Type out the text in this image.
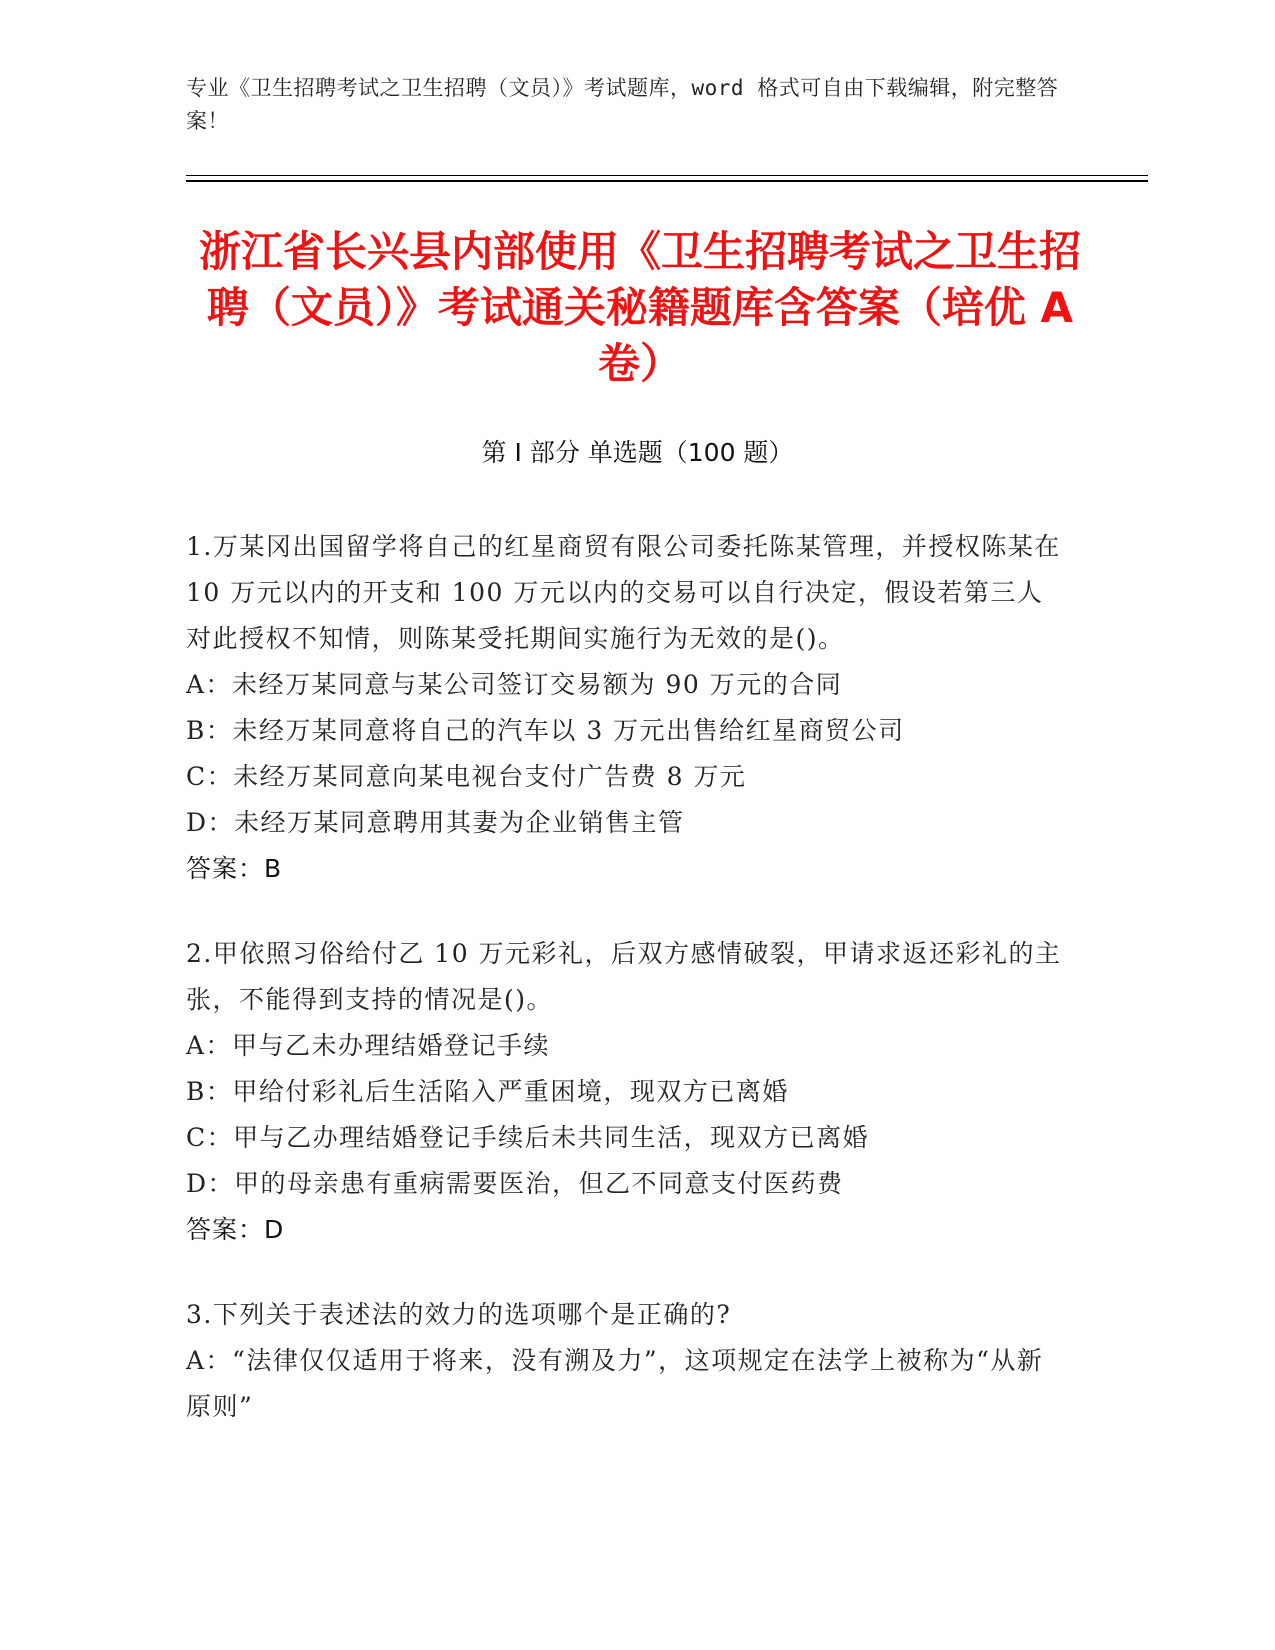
专业《卫生招聘考试之卫生招聘（文员）》考试题库，word 格式可自由下载编辑，附完整答案！
浙江省长兴县内部使用《卫生招聘考试之卫生招聘（文员）》考试通关秘籍题库含答案（培优 A 卷）
第 I 部分 单选题（100 题）

1.万某冈出国留学将自己的红星商贸有限公司委托陈某管理，并授权陈某在 10 万元以内的开支和 100 万元以内的交易可以自行决定，假设若第三人对此授权不知情，则陈某受托期间实施行为无效的是()。

A：未经万某同意与某公司签订交易额为 90 万元的合同

B：未经万某同意将自己的汽车以 3 万元出售给红星商贸公司

C：未经万某同意向某电视台支付广告费 8 万元

D：未经万某同意聘用其妻为企业销售主管

答案：B

2.甲依照习俗给付乙 10 万元彩礼，后双方感情破裂，甲请求返还彩礼的主张，不能得到支持的情况是()。

A：甲与乙未办理结婚登记手续

B：甲给付彩礼后生活陷入严重困境，现双方已离婚

C：甲与乙办理结婚登记手续后未共同生活，现双方已离婚

D：甲的母亲患有重病需要医治，但乙不同意支付医药费

答案：D

3.下列关于表述法的效力的选项哪个是正确的?

A：“法律仅仅适用于将来，没有溯及力”，这项规定在法学上被称为“从新原则”
